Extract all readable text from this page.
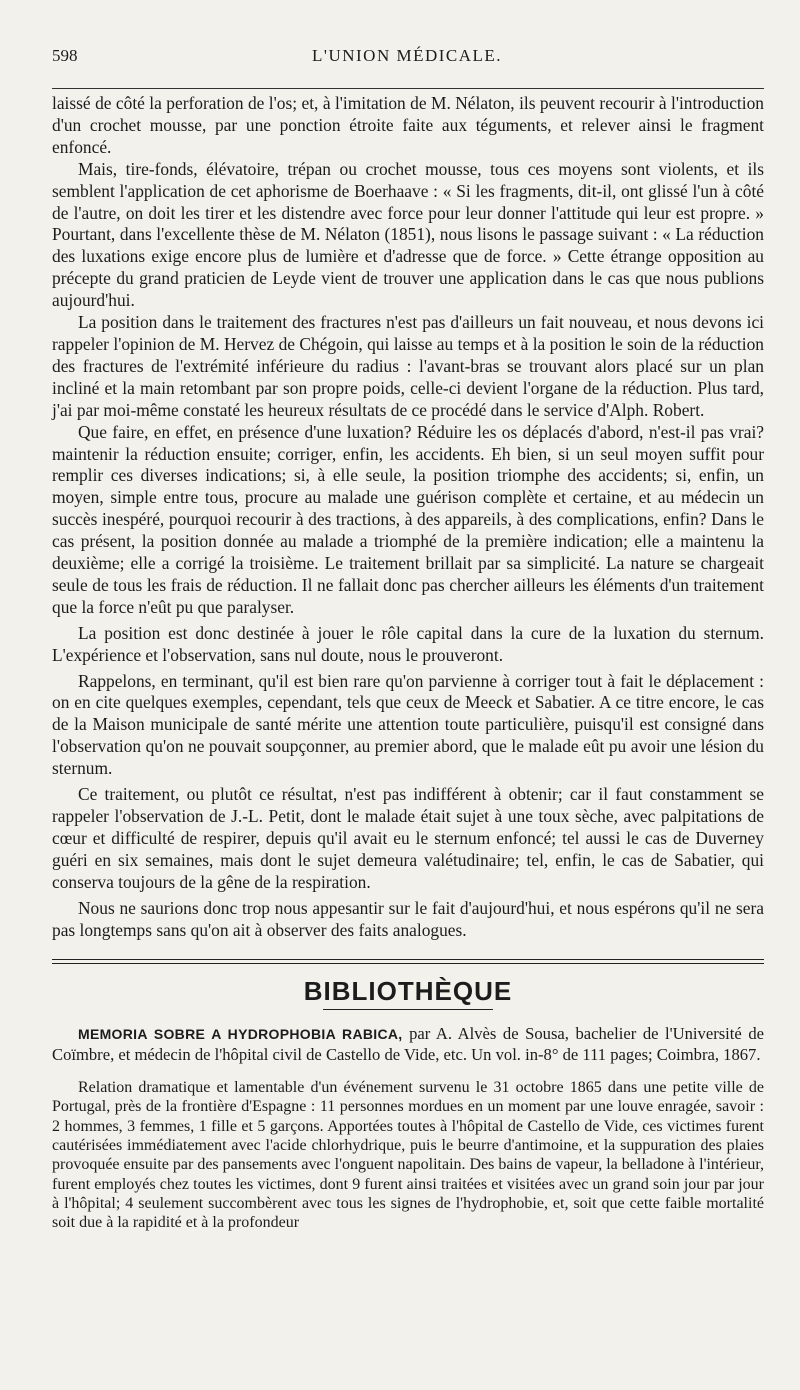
598	L'UNION MÉDICALE.

laissé de côté la perforation de l'os; et, à l'imitation de M. Nélaton, ils peuvent recourir à l'introduction d'un crochet mousse, par une ponction étroite faite aux téguments, et relever ainsi le fragment enfoncé.

Mais, tire-fonds, élévatoire, trépan ou crochet mousse, tous ces moyens sont violents, et ils semblent l'application de cet aphorisme de Boerhaave : « Si les fragments, dit-il, ont glissé l'un à côté de l'autre, on doit les tirer et les distendre avec force pour leur donner l'attitude qui leur est propre. » Pourtant, dans l'excellente thèse de M. Nélaton (1851), nous lisons le passage suivant : « La réduction des luxations exige encore plus de lumière et d'adresse que de force. » Cette étrange opposition au précepte du grand praticien de Leyde vient de trouver une application dans le cas que nous publions aujourd'hui.

La position dans le traitement des fractures n'est pas d'ailleurs un fait nouveau, et nous devons ici rappeler l'opinion de M. Hervez de Chégoin, qui laisse au temps et à la position le soin de la réduction des fractures de l'extrémité inférieure du radius : l'avant-bras se trouvant alors placé sur un plan incliné et la main retombant par son propre poids, celle-ci devient l'organe de la réduction. Plus tard, j'ai par moi-même constaté les heureux résultats de ce procédé dans le service d'Alph. Robert.

Que faire, en effet, en présence d'une luxation? Réduire les os déplacés d'abord, n'est-il pas vrai? maintenir la réduction ensuite; corriger, enfin, les accidents. Eh bien, si un seul moyen suffit pour remplir ces diverses indications; si, à elle seule, la position triomphe des accidents; si, enfin, un moyen, simple entre tous, procure au malade une guérison complète et certaine, et au médecin un succès inespéré, pourquoi recourir à des tractions, à des appareils, à des complications, enfin? Dans le cas présent, la position donnée au malade a triomphé de la première indication; elle a maintenu la deuxième; elle a corrigé la troisième. Le traitement brillait par sa simplicité. La nature se chargeait seule de tous les frais de réduction. Il ne fallait donc pas chercher ailleurs les éléments d'un traitement que la force n'eût pu que paralyser.

La position est donc destinée à jouer le rôle capital dans la cure de la luxation du sternum. L'expérience et l'observation, sans nul doute, nous le prouveront.

Rappelons, en terminant, qu'il est bien rare qu'on parvienne à corriger tout à fait le déplacement : on en cite quelques exemples, cependant, tels que ceux de Meeck et Sabatier. A ce titre encore, le cas de la Maison municipale de santé mérite une attention toute particulière, puisqu'il est consigné dans l'observation qu'on ne pouvait soupçonner, au premier abord, que le malade eût pu avoir une lésion du sternum.

Ce traitement, ou plutôt ce résultat, n'est pas indifférent à obtenir; car il faut constamment se rappeler l'observation de J.-L. Petit, dont le malade était sujet à une toux sèche, avec palpitations de cœur et difficulté de respirer, depuis qu'il avait eu le sternum enfoncé; tel aussi le cas de Duverney guéri en six semaines, mais dont le sujet demeura valétudinaire; tel, enfin, le cas de Sabatier, qui conserva toujours de la gêne de la respiration.

Nous ne saurions donc trop nous appesantir sur le fait d'aujourd'hui, et nous espérons qu'il ne sera pas longtemps sans qu'on ait à observer des faits analogues.

BIBLIOTHÈQUE

MEMORIA SOBRE A HYDROPHOBIA RABICA, par A. Alvès de Sousa, bachelier de l'Université de Coïmbre, et médecin de l'hôpital civil de Castello de Vide, etc. Un vol. in-8° de 111 pages; Coimbra, 1867.

Relation dramatique et lamentable d'un événement survenu le 31 octobre 1865 dans une petite ville de Portugal, près de la frontière d'Espagne : 11 personnes mordues en un moment par une louve enragée, savoir : 2 hommes, 3 femmes, 1 fille et 5 garçons. Apportées toutes à l'hôpital de Castello de Vide, ces victimes furent cautérisées immédiatement avec l'acide chlorhydrique, puis le beurre d'antimoine, et la suppuration des plaies provoquée ensuite par des pansements avec l'onguent napolitain. Des bains de vapeur, la belladone à l'intérieur, furent employés chez toutes les victimes, dont 9 furent ainsi traitées et visitées avec un grand soin jour par jour à l'hôpital; 4 seulement succombèrent avec tous les signes de l'hydrophobie, et, soit que cette faible mortalité soit due à la rapidité et à la profondeur
